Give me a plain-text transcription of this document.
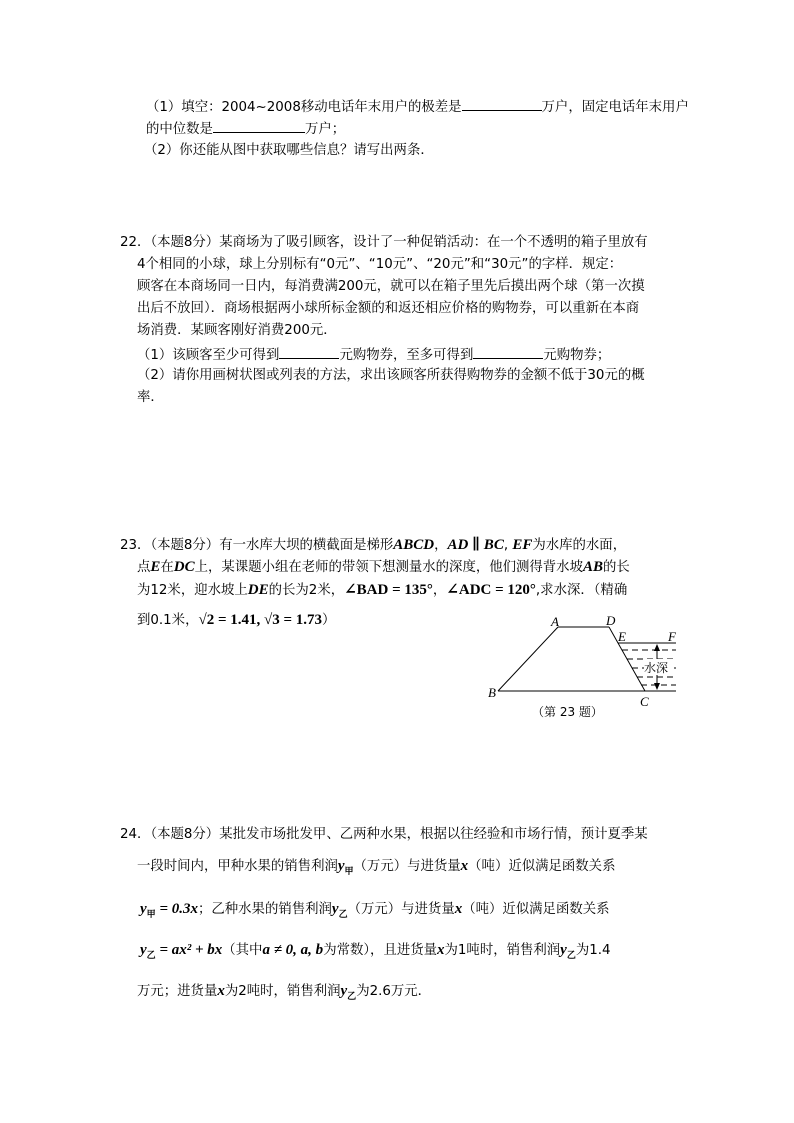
（1）填空：2004~2008移动电话年末用户的极差是	万户，固定电话年末用户
的中位数是	万户；
（2）你还能从图中获取哪些信息？请写出两条．
22．（本题8分）某商场为了吸引顾客，设计了一种促销活动：在一个不透明的箱子里放有
4个相同的小球，球上分别标有“0元”、“10元”、“20元”和“30元”的字样．规定：
顾客在本商场同一日内，每消费满200元，就可以在箱子里先后摸出两个球（第一次摸
出后不放回）．商场根据两小球所标金额的和返还相应价格的购物券，可以重新在本商
场消费．某顾客刚好消费200元．
（1）该顾客至少可得到	元购物券，至多可得到	元购物券；
（2）请你用画树状图或列表的方法，求出该顾客所获得购物券的金额不低于30元的概
率．
23．（本题8分）有一水库大坝的横截面是梯形ABCD，AD ∥ BC, EF为水库的水面，
点E在DC上，某课题小组在老师的带领下想测量水的深度，他们测得背水坡AB的长
为12米，迎水坡上DE的长为2米，∠BAD = 135°，∠ADC = 120°,求水深．（精确
到0.1米，√2 = 1.41, √3 = 1.73）	A	D
E	F
B
C
水深
（第 23 题）
24．（本题8分）某批发市场批发甲、乙两种水果，根据以往经验和市场行情，预计夏季某
一段时间内，甲种水果的销售利润$y_甲$（万元）与进货量x（吨）近似满足函数关系
$y_甲 = 0.3x$；乙种水果的销售利润$y_乙$（万元）与进货量x（吨）近似满足函数关系
$y_乙 = ax^2 + bx$（其中a ≠ 0, a, b为常数），且进货量x为1吨时，销售利润$y_乙$为1.4
万元；进货量x为2吨时，销售利润$y_乙$为2.6万元．
